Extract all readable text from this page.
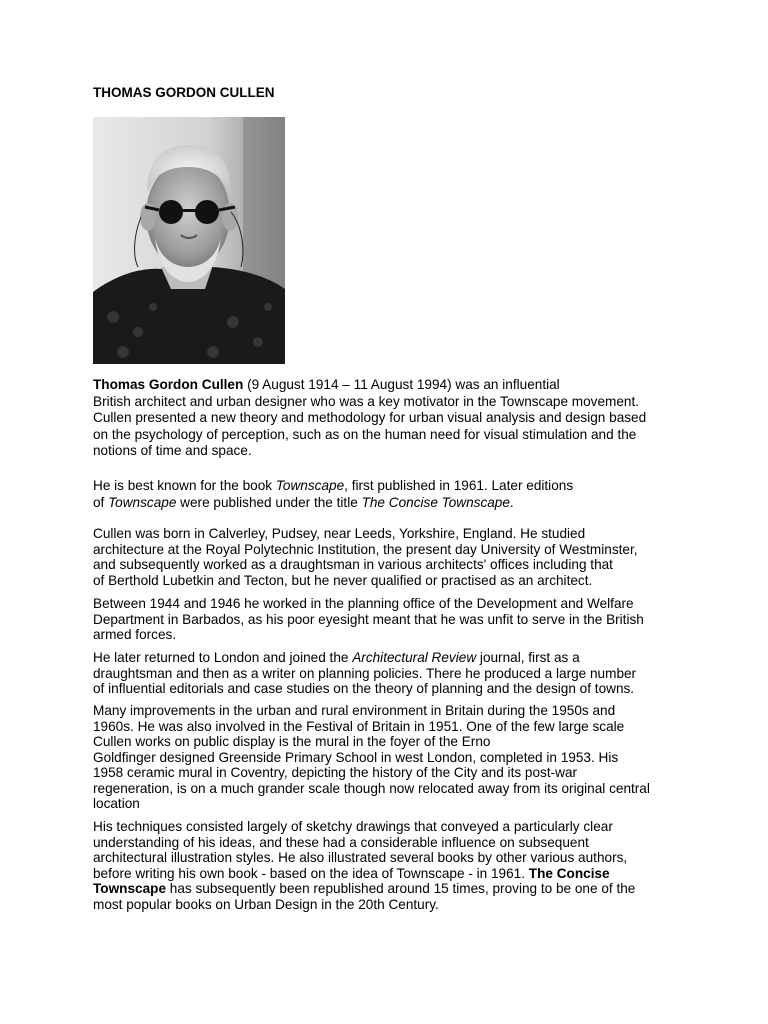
THOMAS GORDON CULLEN

Thomas Gordon Cullen (9 August 1914 – 11 August 1994) was an influential
British architect and urban designer who was a key motivator in the Townscape movement.
Cullen presented a new theory and methodology for urban visual analysis and design based
on the psychology of perception, such as on the human need for visual stimulation and the
notions of time and space.

He is best known for the book Townscape, first published in 1961. Later editions
of Townscape were published under the title The Concise Townscape.

Cullen was born in Calverley, Pudsey, near Leeds, Yorkshire, England. He studied
architecture at the Royal Polytechnic Institution, the present day University of Westminster,
and subsequently worked as a draughtsman in various architects' offices including that
of Berthold Lubetkin and Tecton, but he never qualified or practised as an architect.

Between 1944 and 1946 he worked in the planning office of the Development and Welfare
Department in Barbados, as his poor eyesight meant that he was unfit to serve in the British
armed forces.

He later returned to London and joined the Architectural Review journal, first as a
draughtsman and then as a writer on planning policies. There he produced a large number
of influential editorials and case studies on the theory of planning and the design of towns.

Many improvements in the urban and rural environment in Britain during the 1950s and
1960s. He was also involved in the Festival of Britain in 1951. One of the few large scale
Cullen works on public display is the mural in the foyer of the Erno
Goldfinger designed Greenside Primary School in west London, completed in 1953. His
1958 ceramic mural in Coventry, depicting the history of the City and its post-war
regeneration, is on a much grander scale though now relocated away from its original central
location

His techniques consisted largely of sketchy drawings that conveyed a particularly clear
understanding of his ideas, and these had a considerable influence on subsequent
architectural illustration styles. He also illustrated several books by other various authors,
before writing his own book - based on the idea of Townscape - in 1961. The Concise
Townscape has subsequently been republished around 15 times, proving to be one of the
most popular books on Urban Design in the 20th Century.
